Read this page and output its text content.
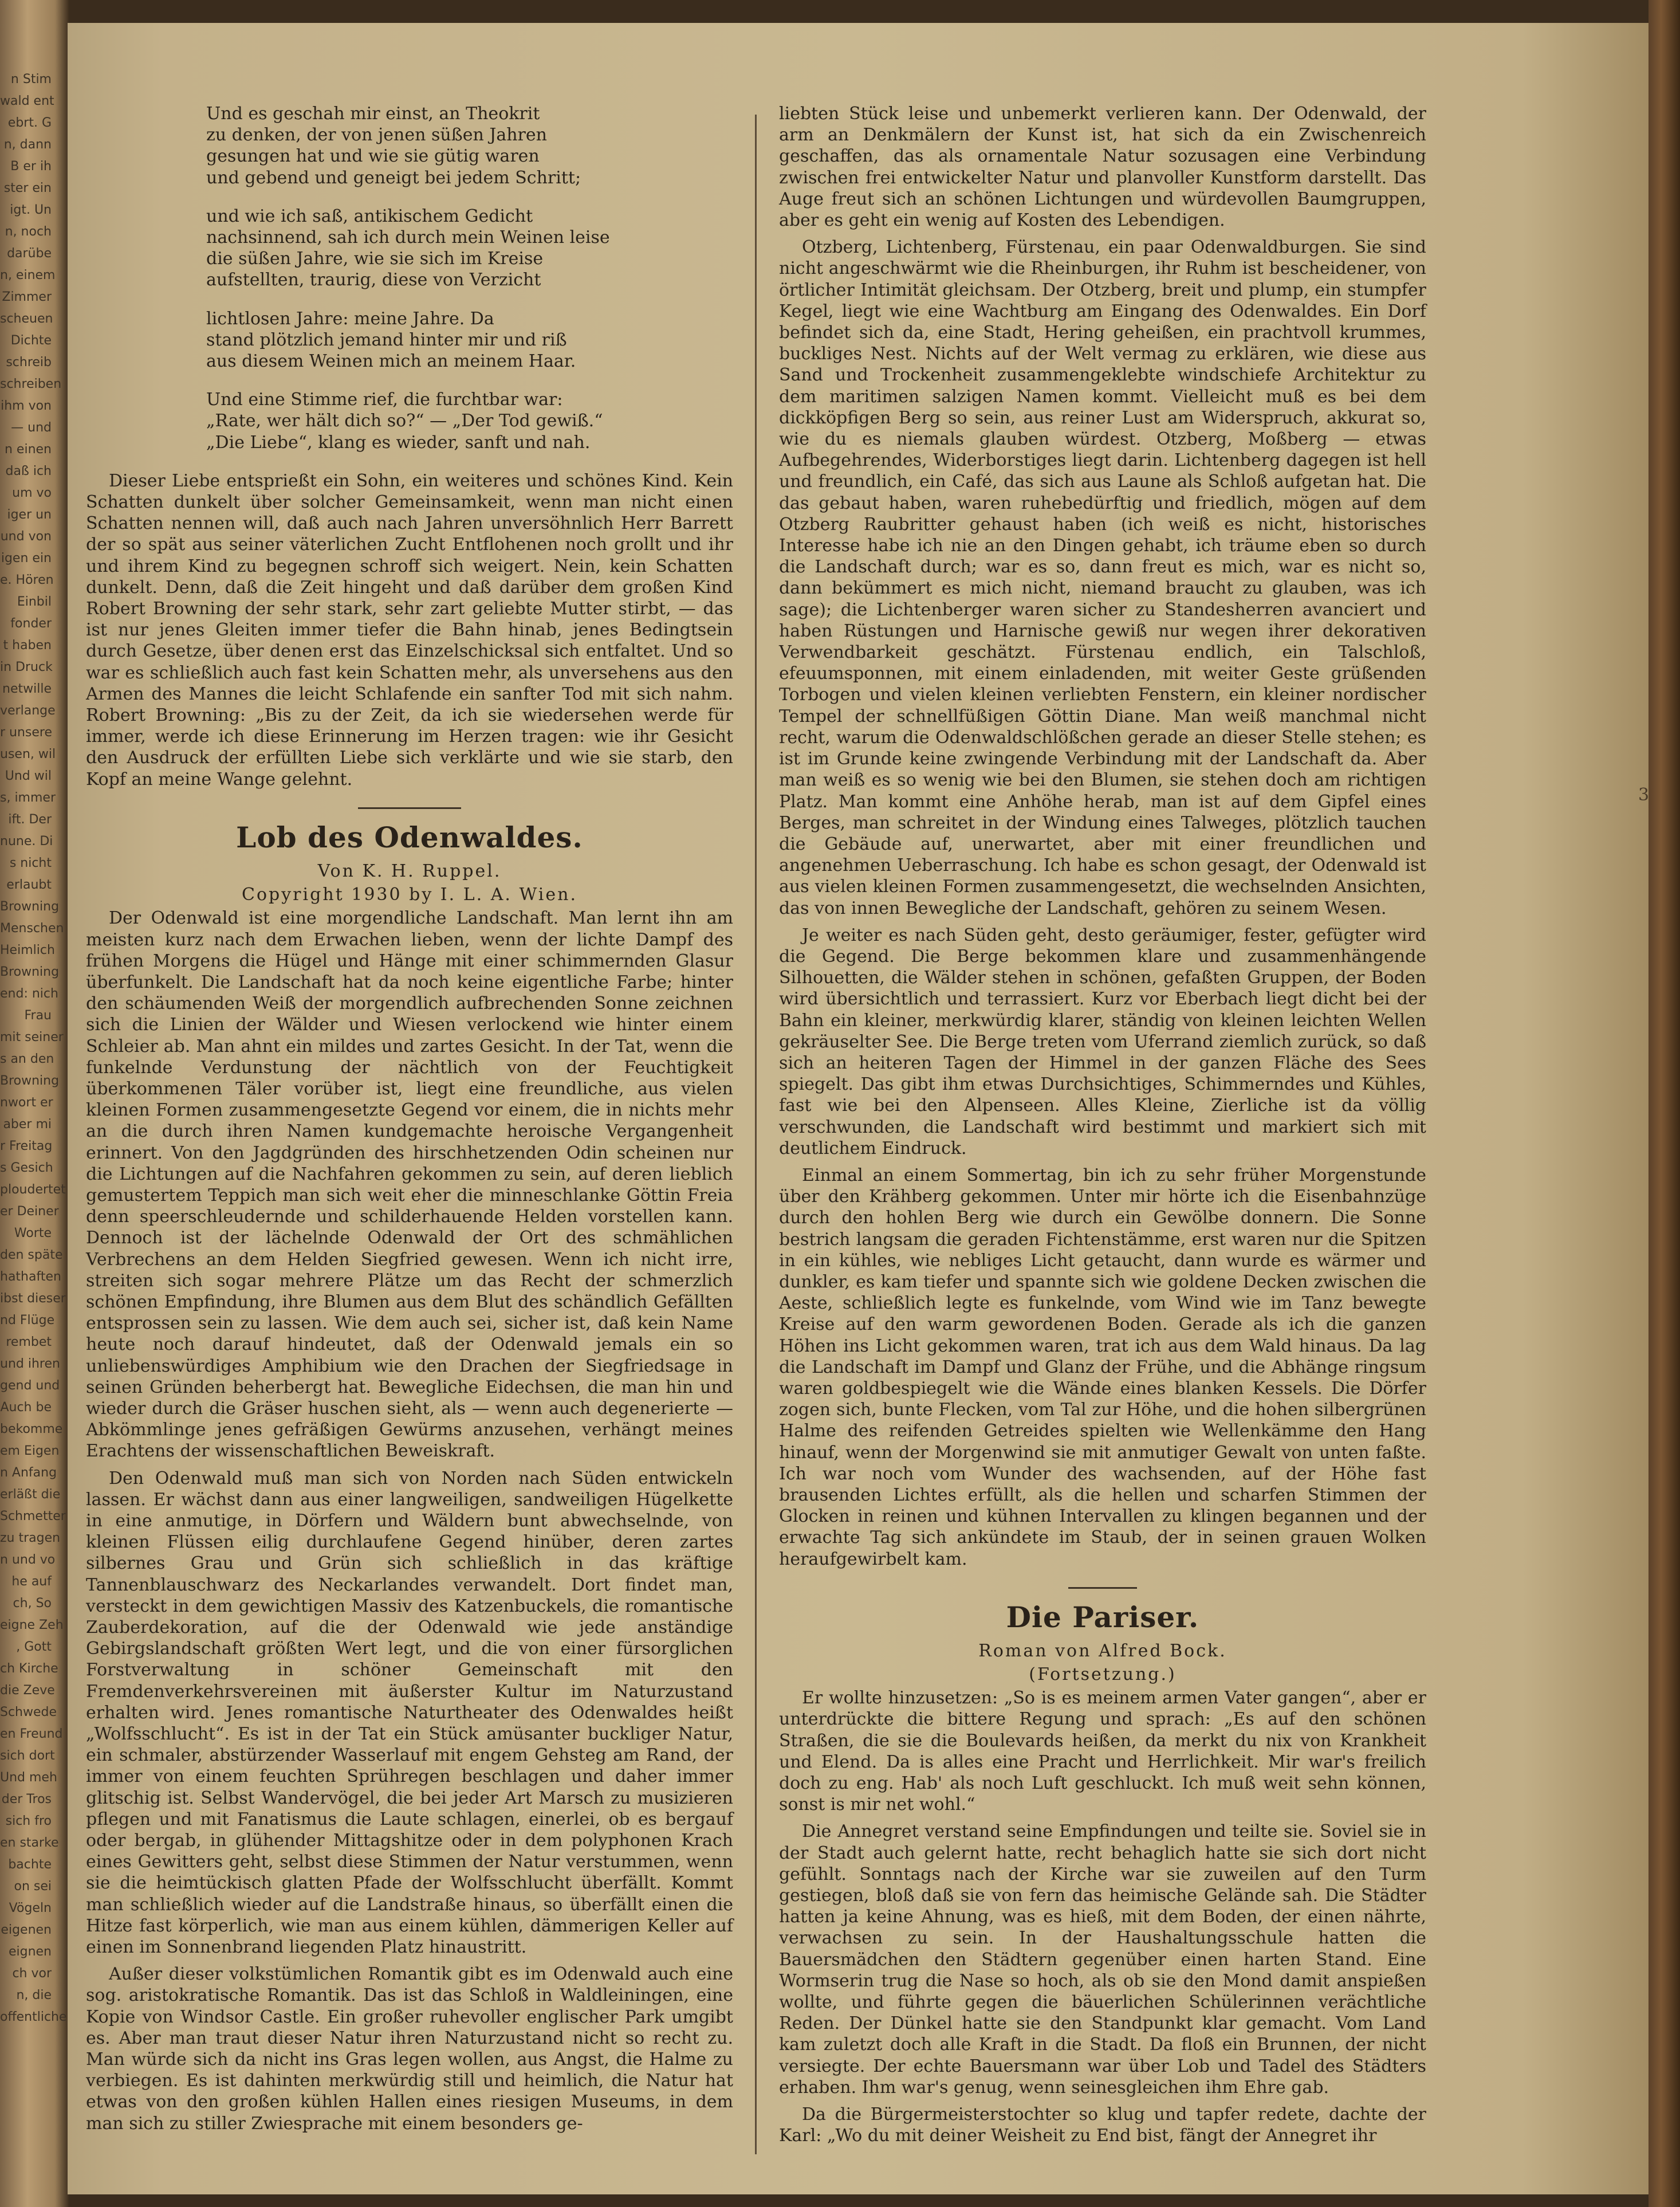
n Stim
wald ent
ebrt. G
n, dann
B er ih
ster ein
igt. Un
n, noch
darübe
n, einem
Zimmer
scheuen
Dichte
schreib
schreiben
ihm von
— und
n einen
daß ich
um vo
iger un
und von
igen ein
e. Hören
Einbil
fonder
t haben
in Druck
netwille
verlange
r unsere
usen, wil
Und wil
s, immer
ift. Der
nune. Di
s nicht
erlaubt
Browning
Menschen
Heimlich
Browning
end: nich
Frau
mit seiner
s an den
Browning
nwort er
aber mi
r Freitag
s Gesich
ploudertet
er Deiner
Worte
den späte
hathaften
ibst dieser
nd Flüge
rembet
und ihren
gend und
Auch be
bekomme
em Eigen
n Anfang
erläßt die
Schmetter
zu tragen
n und vo
he auf
ch, So
eigne Zeh
, Gott
ch Kirche
die Zeve
Schwede
en Freund
sich dort
Und meh
der Tros
sich fro
en starke
bachte
on sei
Vögeln
eigenen
eignen
ch vor
n, die
offentliche

Und es geschah mir einst, an Theokrit

zu denken, der von jenen süßen Jahren

gesungen hat und wie sie gütig waren

und gebend und geneigt bei jedem Schritt;

und wie ich saß, antikischem Gedicht

nachsinnend, sah ich durch mein Weinen leise

die süßen Jahre, wie sie sich im Kreise

aufstellten, traurig, diese von Verzicht

lichtlosen Jahre: meine Jahre. Da

stand plötzlich jemand hinter mir und riß

aus diesem Weinen mich an meinem Haar.

Und eine Stimme rief, die furchtbar war:

„Rate, wer hält dich so?“ — „Der Tod gewiß.“

„Die Liebe“, klang es wieder, sanft und nah.

Dieser Liebe entsprießt ein Sohn, ein weiteres und schönes Kind. Kein Schatten dunkelt über solcher Gemeinsamkeit, wenn man nicht einen Schatten nennen will, daß auch nach Jahren unversöhnlich Herr Barrett der so spät aus seiner väterlichen Zucht Entflohenen noch grollt und ihr und ihrem Kind zu begegnen schroff sich weigert. Nein, kein Schatten dunkelt. Denn, daß die Zeit hingeht und daß darüber dem großen Kind Robert Browning der sehr stark, sehr zart geliebte Mutter stirbt, — das ist nur jenes Gleiten immer tiefer die Bahn hinab, jenes Bedingtsein durch Gesetze, über denen erst das Einzelschicksal sich entfaltet. Und so war es schließlich auch fast kein Schatten mehr, als unversehens aus den Armen des Mannes die leicht Schlafende ein sanfter Tod mit sich nahm. Robert Browning: „Bis zu der Zeit, da ich sie wiedersehen werde für immer, werde ich diese Erinnerung im Herzen tragen: wie ihr Gesicht den Ausdruck der erfüllten Liebe sich verklärte und wie sie starb, den Kopf an meine Wange gelehnt.

Lob des Odenwaldes.
Von K. H. Ruppel.
Copyright 1930 by I. L. A. Wien.

Der Odenwald ist eine morgendliche Landschaft. Man lernt ihn am meisten kurz nach dem Erwachen lieben, wenn der lichte Dampf des frühen Morgens die Hügel und Hänge mit einer schimmernden Glasur überfunkelt. Die Landschaft hat da noch keine eigentliche Farbe; hinter den schäumenden Weiß der morgendlich aufbrechenden Sonne zeichnen sich die Linien der Wälder und Wiesen verlockend wie hinter einem Schleier ab. Man ahnt ein mildes und zartes Gesicht. In der Tat, wenn die funkelnde Verdunstung der nächtlich von der Feuchtigkeit überkommenen Täler vorüber ist, liegt eine freundliche, aus vielen kleinen Formen zusammengesetzte Gegend vor einem, die in nichts mehr an die durch ihren Namen kundgemachte heroische Vergangenheit erinnert. Von den Jagdgründen des hirschhetzenden Odin scheinen nur die Lichtungen auf die Nachfahren gekommen zu sein, auf deren lieblich gemustertem Teppich man sich weit eher die minneschlanke Göttin Freia denn speerschleudernde und schilderhauende Helden vorstellen kann. Dennoch ist der lächelnde Odenwald der Ort des schmählichen Verbrechens an dem Helden Siegfried gewesen. Wenn ich nicht irre, streiten sich sogar mehrere Plätze um das Recht der schmerzlich schönen Empfindung, ihre Blumen aus dem Blut des schändlich Gefällten entsprossen sein zu lassen. Wie dem auch sei, sicher ist, daß kein Name heute noch darauf hindeutet, daß der Odenwald jemals ein so unliebenswürdiges Amphibium wie den Drachen der Siegfriedsage in seinen Gründen beherbergt hat. Bewegliche Eidechsen, die man hin und wieder durch die Gräser huschen sieht, als — wenn auch degenerierte — Abkömmlinge jenes gefräßigen Gewürms anzusehen, verhängt meines Erachtens der wissenschaftlichen Beweiskraft.

Den Odenwald muß man sich von Norden nach Süden entwickeln lassen. Er wächst dann aus einer langweiligen, sandweiligen Hügelkette in eine anmutige, in Dörfern und Wäldern bunt abwechselnde, von kleinen Flüssen eilig durchlaufene Gegend hinüber, deren zartes silbernes Grau und Grün sich schließlich in das kräftige Tannenblauschwarz des Neckarlandes verwandelt. Dort findet man, versteckt in dem gewichtigen Massiv des Katzenbuckels, die romantische Zauberdekoration, auf die der Odenwald wie jede anständige Gebirgslandschaft größten Wert legt, und die von einer fürsorglichen Forstverwaltung in schöner Gemeinschaft mit den Fremdenverkehrsvereinen mit äußerster Kultur im Naturzustand erhalten wird. Jenes romantische Naturtheater des Odenwaldes heißt „Wolfsschlucht“. Es ist in der Tat ein Stück amüsanter buckliger Natur, ein schmaler, abstürzender Wasserlauf mit engem Gehsteg am Rand, der immer von einem feuchten Sprühregen beschlagen und daher immer glitschig ist. Selbst Wandervögel, die bei jeder Art Marsch zu musizieren pflegen und mit Fanatismus die Laute schlagen, einerlei, ob es bergauf oder bergab, in glühender Mittagshitze oder in dem polyphonen Krach eines Gewitters geht, selbst diese Stimmen der Natur verstummen, wenn sie die heimtückisch glatten Pfade der Wolfsschlucht überfällt. Kommt man schließlich wieder auf die Landstraße hinaus, so überfällt einen die Hitze fast körperlich, wie man aus einem kühlen, dämmerigen Keller auf einen im Sonnenbrand liegenden Platz hinaustritt.

Außer dieser volkstümlichen Romantik gibt es im Odenwald auch eine sog. aristokratische Romantik. Das ist das Schloß in Waldleiningen, eine Kopie von Windsor Castle. Ein großer ruhevoller englischer Park umgibt es. Aber man traut dieser Natur ihren Naturzustand nicht so recht zu. Man würde sich da nicht ins Gras legen wollen, aus Angst, die Halme zu verbiegen. Es ist dahinten merkwürdig still und heimlich, die Natur hat etwas von den großen kühlen Hallen eines riesigen Museums, in dem man sich zu stiller Zwiesprache mit einem besonders ge-

liebten Stück leise und unbemerkt verlieren kann. Der Odenwald, der arm an Denkmälern der Kunst ist, hat sich da ein Zwischenreich geschaffen, das als ornamentale Natur sozusagen eine Verbindung zwischen frei entwickelter Natur und planvoller Kunstform darstellt. Das Auge freut sich an schönen Lichtungen und würdevollen Baumgruppen, aber es geht ein wenig auf Kosten des Lebendigen.

Otzberg, Lichtenberg, Fürstenau, ein paar Odenwaldburgen. Sie sind nicht angeschwärmt wie die Rheinburgen, ihr Ruhm ist bescheidener, von örtlicher Intimität gleichsam. Der Otzberg, breit und plump, ein stumpfer Kegel, liegt wie eine Wachtburg am Eingang des Odenwaldes. Ein Dorf befindet sich da, eine Stadt, Hering geheißen, ein prachtvoll krummes, buckliges Nest. Nichts auf der Welt vermag zu erklären, wie diese aus Sand und Trockenheit zusammengeklebte windschiefe Architektur zu dem maritimen salzigen Namen kommt. Vielleicht muß es bei dem dickköpfigen Berg so sein, aus reiner Lust am Widerspruch, akkurat so, wie du es niemals glauben würdest. Otzberg, Moßberg — etwas Aufbegehrendes, Widerborstiges liegt darin. Lichtenberg dagegen ist hell und freundlich, ein Café, das sich aus Laune als Schloß aufgetan hat. Die das gebaut haben, waren ruhebedürftig und friedlich, mögen auf dem Otzberg Raubritter gehaust haben (ich weiß es nicht, historisches Interesse habe ich nie an den Dingen gehabt, ich träume eben so durch die Landschaft durch; war es so, dann freut es mich, war es nicht so, dann bekümmert es mich nicht, niemand braucht zu glauben, was ich sage); die Lichtenberger waren sicher zu Standesherren avanciert und haben Rüstungen und Harnische gewiß nur wegen ihrer dekorativen Verwendbarkeit geschätzt. Fürstenau endlich, ein Talschloß, efeuumsponnen, mit einem einladenden, mit weiter Geste grüßenden Torbogen und vielen kleinen verliebten Fenstern, ein kleiner nordischer Tempel der schnellfüßigen Göttin Diane. Man weiß manchmal nicht recht, warum die Odenwaldschlößchen gerade an dieser Stelle stehen; es ist im Grunde keine zwingende Verbindung mit der Landschaft da. Aber man weiß es so wenig wie bei den Blumen, sie stehen doch am richtigen Platz. Man kommt eine Anhöhe herab, man ist auf dem Gipfel eines Berges, man schreitet in der Windung eines Talweges, plötzlich tauchen die Gebäude auf, unerwartet, aber mit einer freundlichen und angenehmen Ueberraschung. Ich habe es schon gesagt, der Odenwald ist aus vielen kleinen Formen zusammengesetzt, die wechselnden Ansichten, das von innen Bewegliche der Landschaft, gehören zu seinem Wesen.

Je weiter es nach Süden geht, desto geräumiger, fester, gefügter wird die Gegend. Die Berge bekommen klare und zusammenhängende Silhouetten, die Wälder stehen in schönen, gefaßten Gruppen, der Boden wird übersichtlich und terrassiert. Kurz vor Eberbach liegt dicht bei der Bahn ein kleiner, merkwürdig klarer, ständig von kleinen leichten Wellen gekräuselter See. Die Berge treten vom Uferrand ziemlich zurück, so daß sich an heiteren Tagen der Himmel in der ganzen Fläche des Sees spiegelt. Das gibt ihm etwas Durchsichtiges, Schimmerndes und Kühles, fast wie bei den Alpenseen. Alles Kleine, Zierliche ist da völlig verschwunden, die Landschaft wird bestimmt und markiert sich mit deutlichem Eindruck.

Einmal an einem Sommertag, bin ich zu sehr früher Morgenstunde über den Krähberg gekommen. Unter mir hörte ich die Eisenbahnzüge durch den hohlen Berg wie durch ein Gewölbe donnern. Die Sonne bestrich langsam die geraden Fichtenstämme, erst waren nur die Spitzen in ein kühles, wie nebliges Licht getaucht, dann wurde es wärmer und dunkler, es kam tiefer und spannte sich wie goldene Decken zwischen die Aeste, schließlich legte es funkelnde, vom Wind wie im Tanz bewegte Kreise auf den warm gewordenen Boden. Gerade als ich die ganzen Höhen ins Licht gekommen waren, trat ich aus dem Wald hinaus. Da lag die Landschaft im Dampf und Glanz der Frühe, und die Abhänge ringsum waren goldbespiegelt wie die Wände eines blanken Kessels. Die Dörfer zogen sich, bunte Flecken, vom Tal zur Höhe, und die hohen silbergrünen Halme des reifenden Getreides spielten wie Wellenkämme den Hang hinauf, wenn der Morgenwind sie mit anmutiger Gewalt von unten faßte. Ich war noch vom Wunder des wachsenden, auf der Höhe fast brausenden Lichtes erfüllt, als die hellen und scharfen Stimmen der Glocken in reinen und kühnen Intervallen zu klingen begannen und der erwachte Tag sich ankündete im Staub, der in seinen grauen Wolken heraufgewirbelt kam.

Die Pariser.
Roman von Alfred Bock.
(Fortsetzung.)

Er wollte hinzusetzen: „So is es meinem armen Vater gangen“, aber er unterdrückte die bittere Regung und sprach: „Es auf den schönen Straßen, die sie die Boulevards heißen, da merkt du nix von Krankheit und Elend. Da is alles eine Pracht und Herrlichkeit. Mir war's freilich doch zu eng. Hab' als noch Luft geschluckt. Ich muß weit sehn können, sonst is mir net wohl.“

Die Annegret verstand seine Empfindungen und teilte sie. Soviel sie in der Stadt auch gelernt hatte, recht behaglich hatte sie sich dort nicht gefühlt. Sonntags nach der Kirche war sie zuweilen auf den Turm gestiegen, bloß daß sie von fern das heimische Gelände sah. Die Städter hatten ja keine Ahnung, was es hieß, mit dem Boden, der einen nährte, verwachsen zu sein. In der Haushaltungsschule hatten die Bauersmädchen den Städtern gegenüber einen harten Stand. Eine Wormserin trug die Nase so hoch, als ob sie den Mond damit anspießen wollte, und führte gegen die bäuerlichen Schülerinnen verächtliche Reden. Der Dünkel hatte sie den Standpunkt klar gemacht. Vom Land kam zuletzt doch alle Kraft in die Stadt. Da floß ein Brunnen, der nicht versiegte. Der echte Bauersmann war über Lob und Tadel des Städters erhaben. Ihm war's genug, wenn seinesgleichen ihm Ehre gab.

Da die Bürgermeisterstochter so klug und tapfer redete, dachte der Karl: „Wo du mit deiner Weisheit zu End bist, fängt der Annegret ihr

3
